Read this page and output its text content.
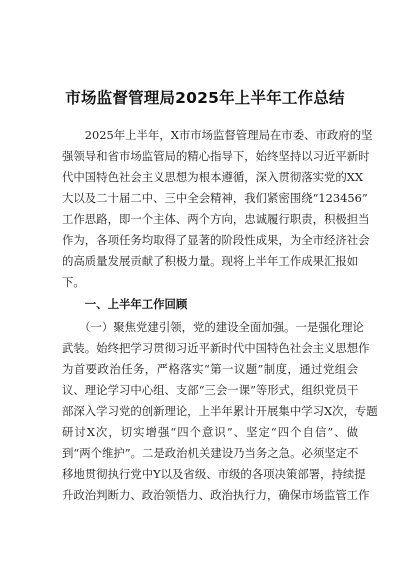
市场监督管理局2025年上半年工作总结
　　2025年上半年，X市市场监督管理局在市委、市政府的坚
强领导和省市场监管局的精心指导下，始终坚持以习近平新时
代中国特色社会主义思想为根本遵循，深入贯彻落实党的XX
大以及二十届二中、三中全会精神，我们紧密围绕“123456”
工作思路，即一个主体、两个方向，忠诚履行职责，积极担当
作为，各项任务均取得了显著的阶段性成果，为全市经济社会
的高质量发展贡献了积极力量。现将上半年工作成果汇报如
下。
　　一、上半年工作回顾
　　（一）聚焦党建引领，党的建设全面加强。一是强化理论
武装。始终把学习贯彻习近平新时代中国特色社会主义思想作
为首要政治任务，严格落实“第一议题”制度，通过党组会
议、理论学习中心组、支部“三会一课”等形式，组织党员干
部深入学习党的创新理论，上半年累计开展集中学习X次，专题
研讨X次，切实增强“四个意识”、坚定“四个自信”、做
到“两个维护”。二是政治机关建设乃当务之急。必须坚定不
移地贯彻执行党中Y以及省级、市级的各项决策部署，持续提
升政治判断力、政治领悟力、政治执行力，确保市场监管工作
